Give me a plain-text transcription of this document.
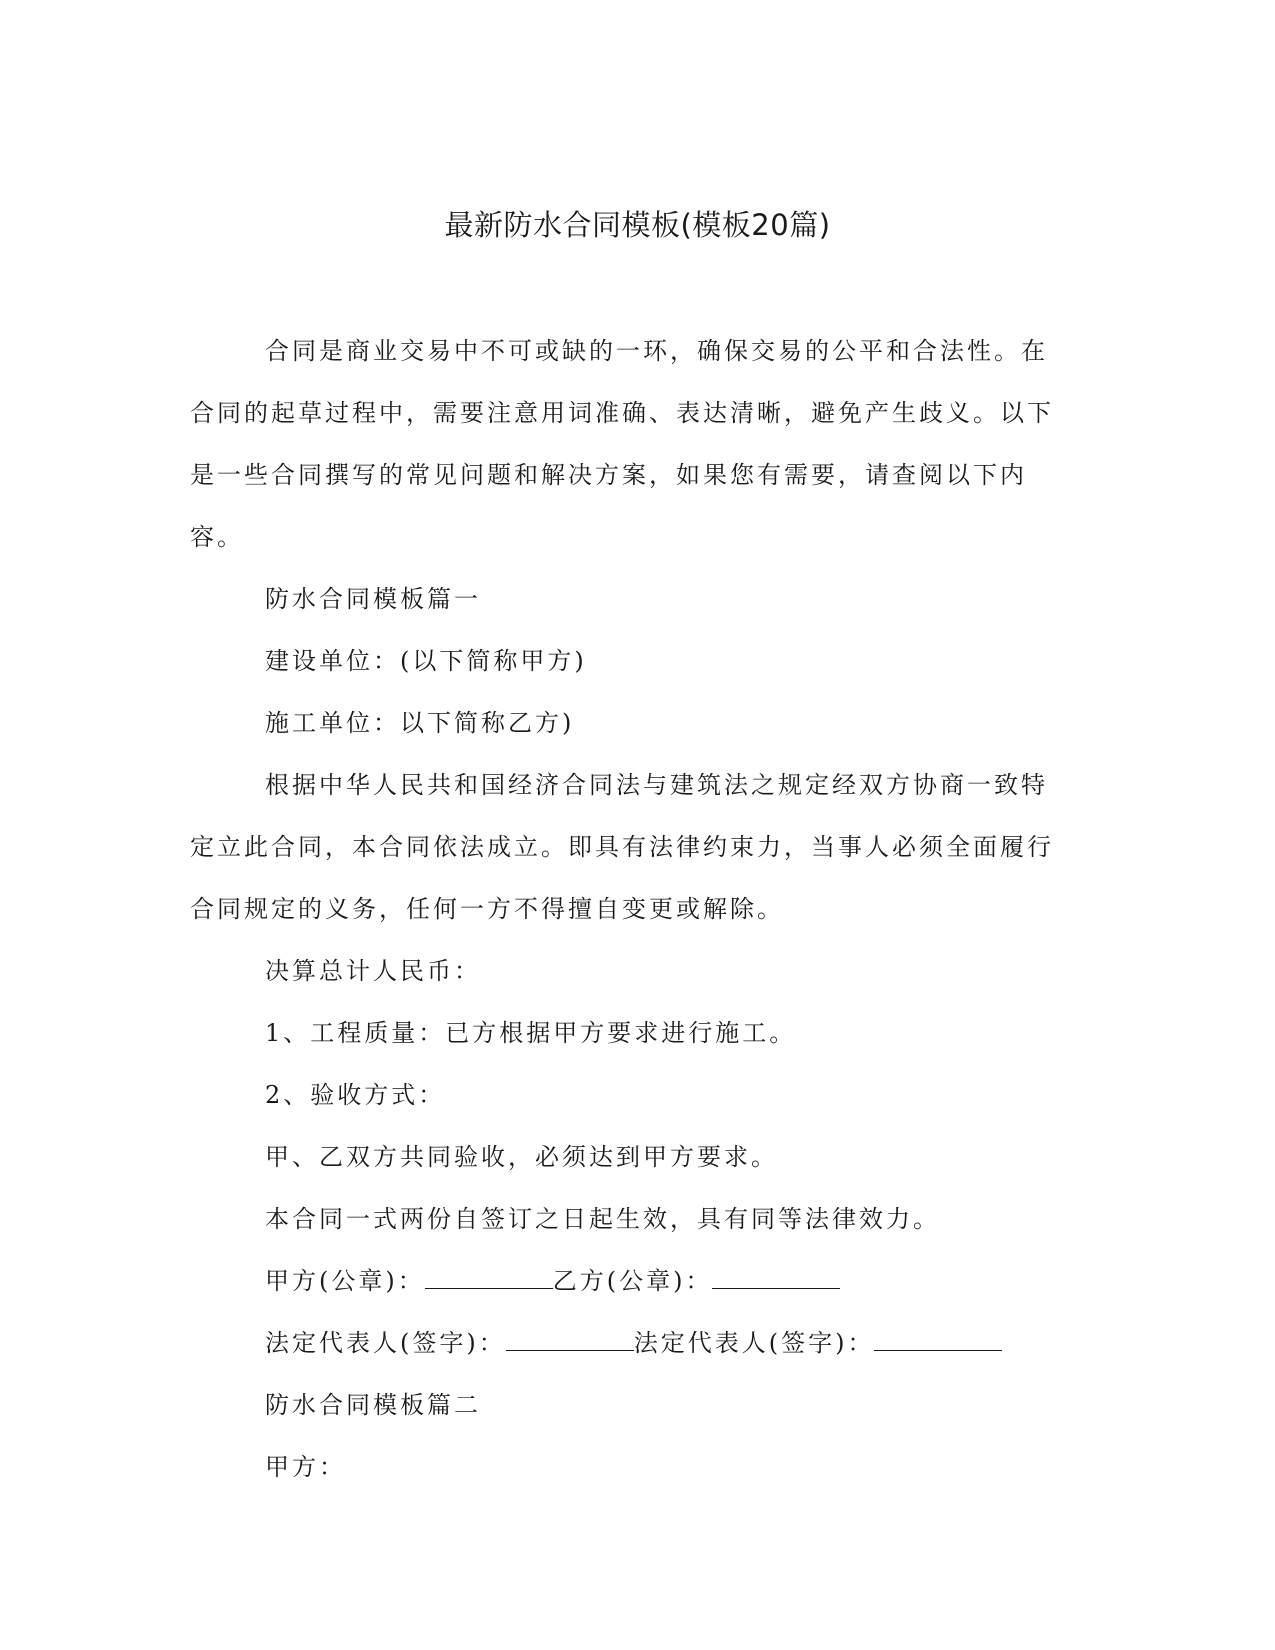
最新防水合同模板(模板20篇)

合同是商业交易中不可或缺的一环，确保交易的公平和合法性。在合同的起草过程中，需要注意用词准确、表达清晰，避免产生歧义。以下是一些合同撰写的常见问题和解决方案，如果您有需要，请查阅以下内容。

防水合同模板篇一

建设单位：(以下简称甲方)

施工单位：以下简称乙方)

根据中华人民共和国经济合同法与建筑法之规定经双方协商一致特定立此合同，本合同依法成立。即具有法律约束力，当事人必须全面履行合同规定的义务，任何一方不得擅自变更或解除。

决算总计人民币：

1、工程质量：已方根据甲方要求进行施工。

2、验收方式：

甲、乙双方共同验收，必须达到甲方要求。

本合同一式两份自签订之日起生效，具有同等法律效力。

甲方(公章)：	乙方(公章)：

法定代表人(签字)：	法定代表人(签字)：

防水合同模板篇二

甲方：
